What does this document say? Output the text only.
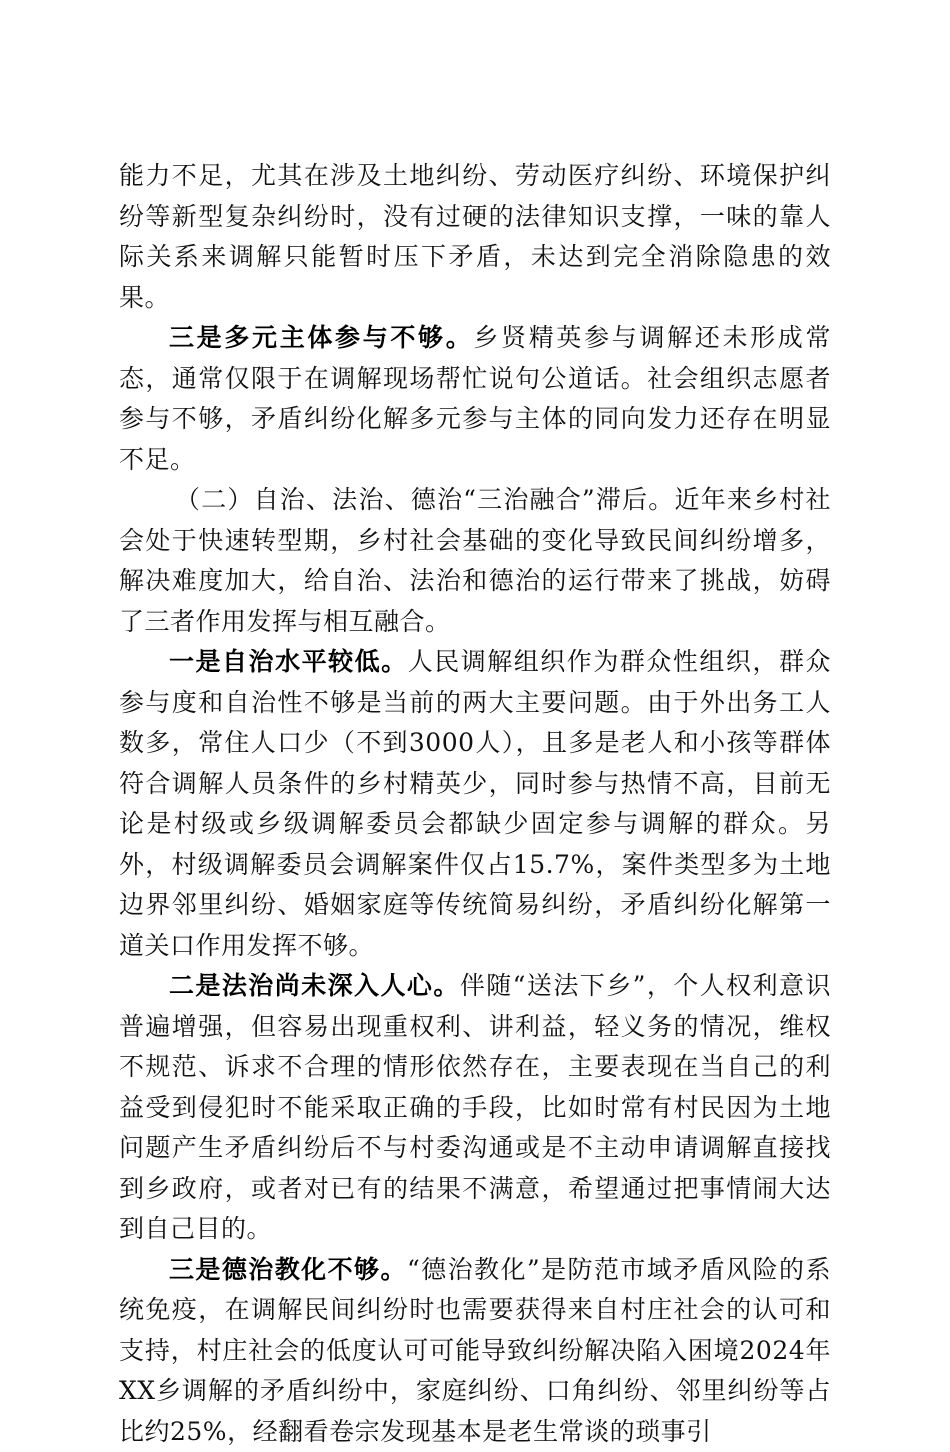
能力不足，尤其在涉及土地纠纷、劳动医疗纠纷、环境保护纠纷等新型复杂纠纷时，没有过硬的法律知识支撑，一味的靠人际关系来调解只能暂时压下矛盾，未达到完全消除隐患的效果。

三是多元主体参与不够。乡贤精英参与调解还未形成常态，通常仅限于在调解现场帮忙说句公道话。社会组织志愿者参与不够，矛盾纠纷化解多元参与主体的同向发力还存在明显不足。

（二）自治、法治、德治“三治融合”滞后。近年来乡村社会处于快速转型期，乡村社会基础的变化导致民间纠纷增多，解决难度加大，给自治、法治和德治的运行带来了挑战，妨碍了三者作用发挥与相互融合。

一是自治水平较低。人民调解组织作为群众性组织，群众参与度和自治性不够是当前的两大主要问题。由于外出务工人数多，常住人口少（不到3000人），且多是老人和小孩等群体符合调解人员条件的乡村精英少，同时参与热情不高，目前无论是村级或乡级调解委员会都缺少固定参与调解的群众。另外，村级调解委员会调解案件仅占15.7%，案件类型多为土地边界邻里纠纷、婚姻家庭等传统简易纠纷，矛盾纠纷化解第一道关口作用发挥不够。

二是法治尚未深入人心。伴随“送法下乡”，个人权利意识普遍增强，但容易出现重权利、讲利益，轻义务的情况，维权不规范、诉求不合理的情形依然存在，主要表现在当自己的利益受到侵犯时不能采取正确的手段，比如时常有村民因为土地问题产生矛盾纠纷后不与村委沟通或是不主动申请调解直接找到乡政府，或者对已有的结果不满意，希望通过把事情闹大达到自己目的。

三是德治教化不够。“德治教化”是防范市域矛盾风险的系统免疫，在调解民间纠纷时也需要获得来自村庄社会的认可和支持，村庄社会的低度认可可能导致纠纷解决陷入困境2024年XX乡调解的矛盾纠纷中，家庭纠纷、口角纠纷、邻里纠纷等占比约25%，经翻看卷宗发现基本是老生常谈的琐事引
